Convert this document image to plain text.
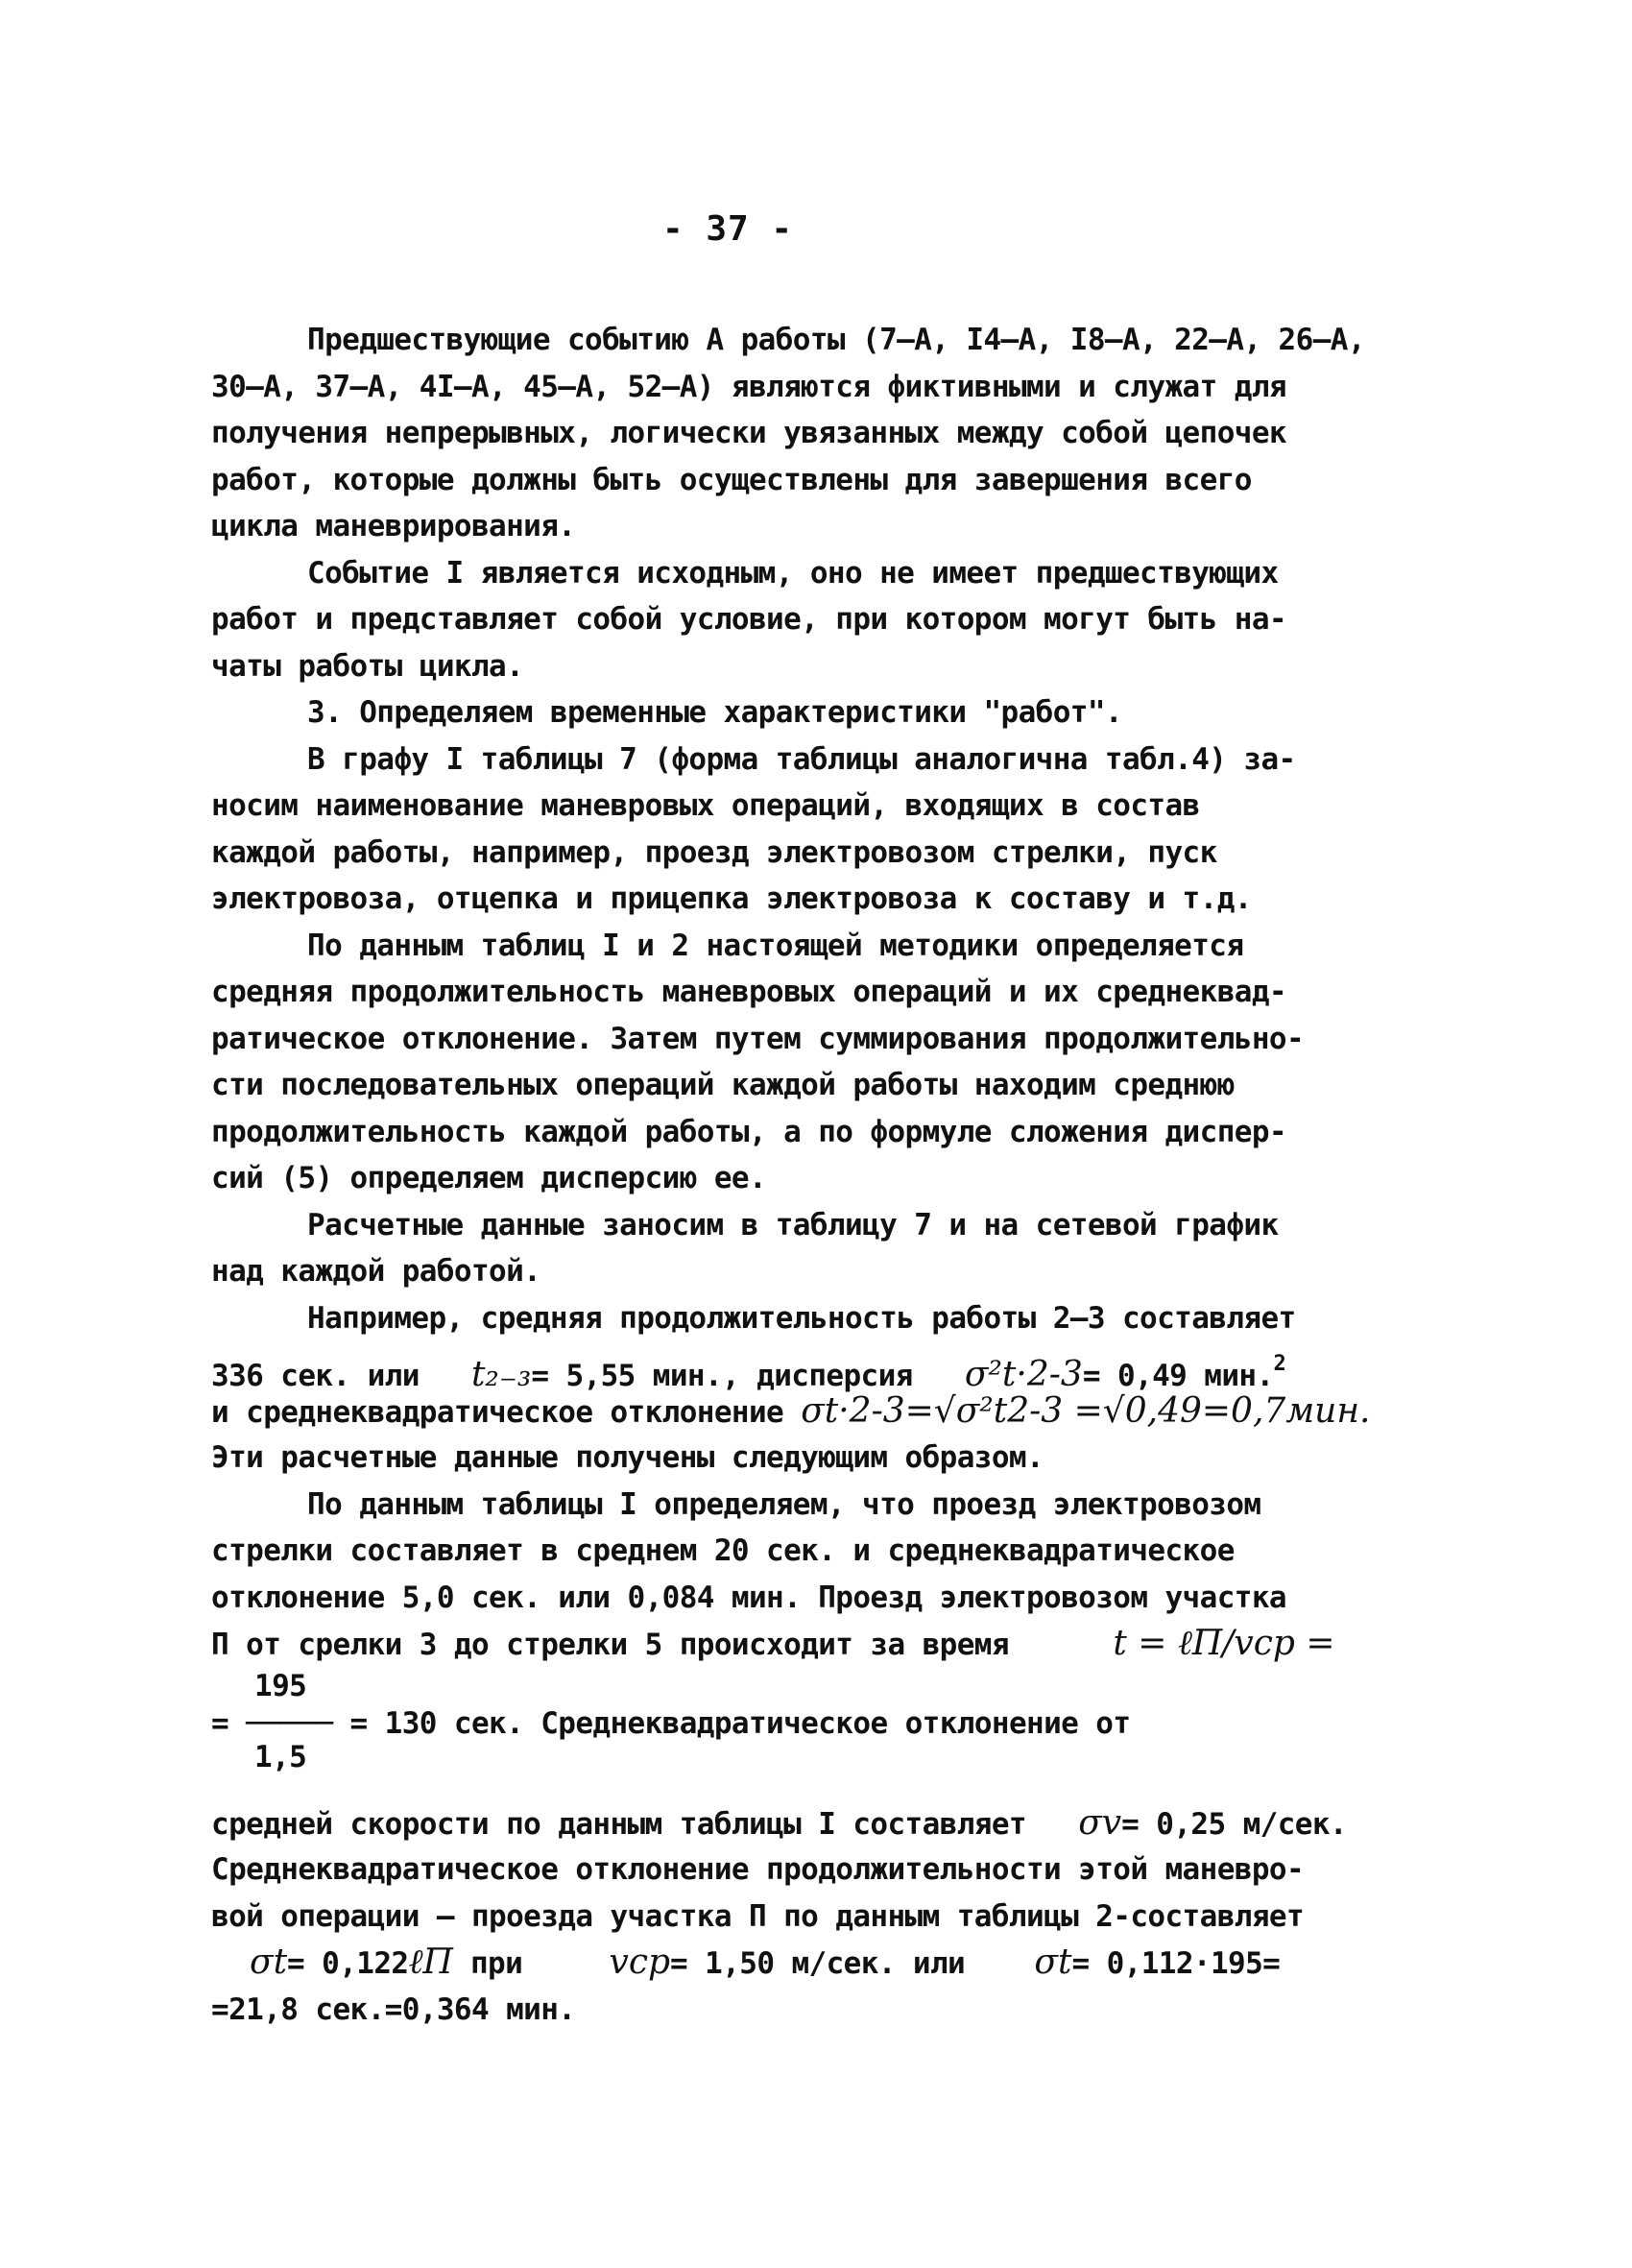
- 37 -
Предшествующие событию А работы (7–А, I4–А, I8–А, 22–А, 26–А,
30–А, 37–А, 4I–А, 45–А, 52–А) являются фиктивными и служат для
получения непрерывных, логически увязанных между собой цепочек
работ, которые должны быть осуществлены для завершения всего
цикла маневрирования.
Событие I является исходным, оно не имеет предшествующих
работ и представляет собой условие, при котором могут быть на-
чаты работы цикла.
3. Определяем временные характеристики "работ".
В графу I таблицы 7 (форма таблицы аналогична табл.4) за-
носим наименование маневровых операций, входящих в состав
каждой работы, например, проезд электровозом стрелки, пуск
электровоза, отцепка и прицепка электровоза к составу и т.д.
По данным таблиц I и 2 настоящей методики определяется
средняя продолжительность маневровых операций и их среднеквад-
ратическое отклонение. Затем путем суммирования продолжительно-
сти последовательных операций каждой работы находим среднюю
продолжительность каждой работы, а по формуле сложения диспер-
сий (5) определяем дисперсию ее.
Расчетные данные заносим в таблицу 7 и на сетевой график
над каждой работой.
Например, средняя продолжительность работы 2–3 составляет
336 сек. или t₂₋₃= 5,55 мин., дисперсия σ²t·2-3= 0,49 мин.$^2$
и среднеквадратическое отклонение σt·2-3=√σ²t2-3 =√0,49=0,7мин.
Эти расчетные данные получены следующим образом.
По данным таблицы I определяем, что проезд электровозом
стрелки составляет в среднем 20 сек. и среднеквадратическое
отклонение 5,0 сек. или 0,084 мин. Проезд электровозом участка
П от срелки 3 до стрелки 5 происходит за время	t = ℓП/vср =
195
= ───── = 130 сек. Среднеквадратическое отклонение от
1,5
средней скорости по данным таблицы I составляет σv= 0,25 м/сек.
Среднеквадратическое отклонение продолжительности этой маневро-
вой операции – проезда участка П по данным таблицы 2-составляет
σt= 0,122ℓП при	vср= 1,50 м/сек. или σt= 0,112·195=
=21,8 сек.=0,364 мин.
